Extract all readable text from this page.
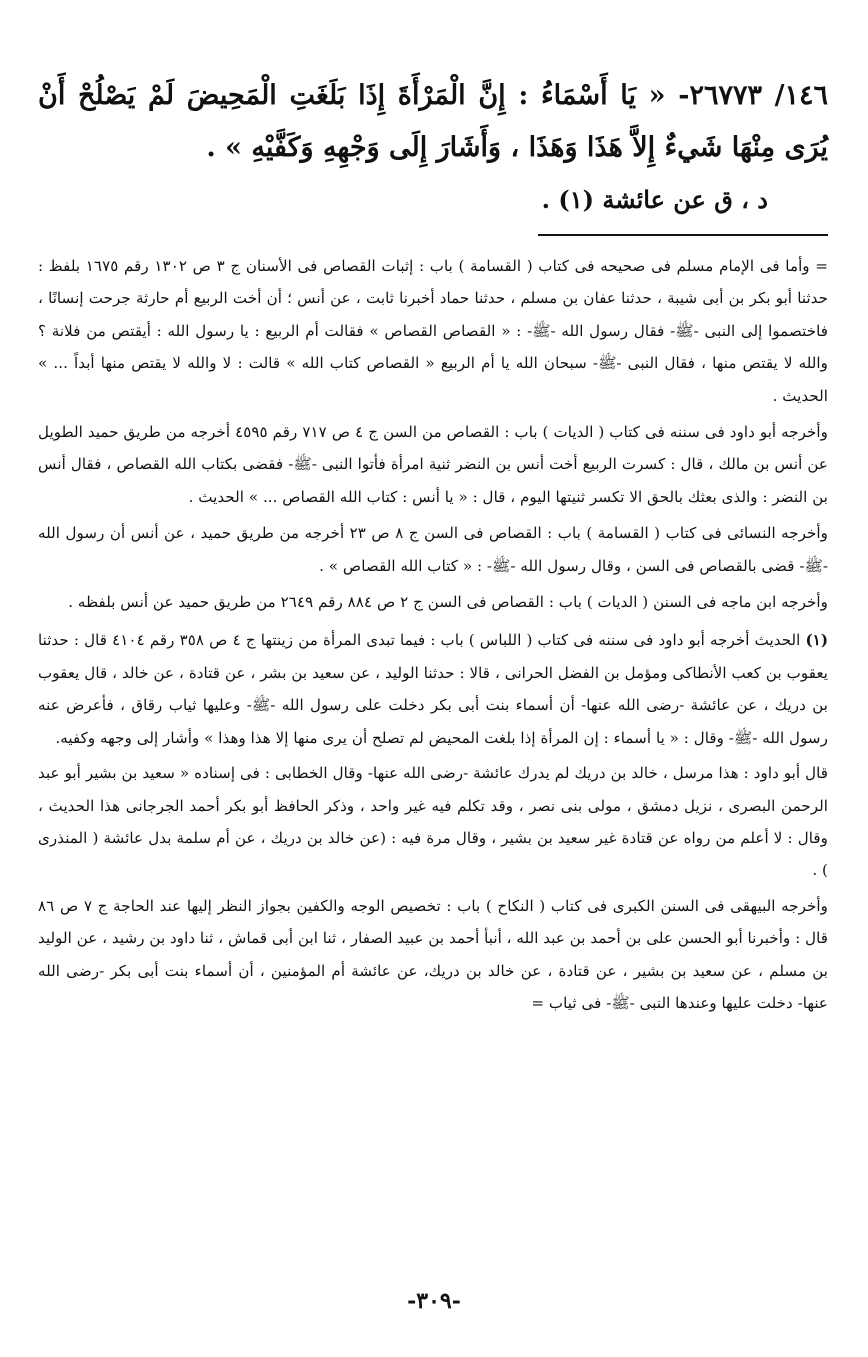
١٤٦/ ٢٦٧٧٣- « يَا أَسْمَاءُ : إِنَّ الْمَرْأَةَ إِذَا بَلَغَتِ الْمَحِيضَ لَمْ يَصْلُحْ أَنْ يُرَى مِنْهَا شَيءٌ إِلاَّ هَذَا وَهَذَا ، وَأَشَارَ إِلَى وَجْهِهِ وَكَفَّيْهِ » .

د ، ق عن عائشة (١) .

= وأما فى الإمام مسلم فى صحيحه فى كتاب ( القسامة ) باب : إثبات القصاص فى الأسنان ج ٣ ص ١٣٠٢ رقم ١٦٧٥ بلفظ : حدثنا أبو بكر بن أبى شيبة ، حدثنا عفان بن مسلم ، حدثنا حماد أخبرنا ثابت ، عن أنس ؛ أن أخت الربيع أم حارثة جرحت إنسانًا ، فاختصموا إلى النبى -ﷺ- فقال رسول الله -ﷺ- : « القصاص القصاص » فقالت أم الربيع : يا رسول الله : أيقتص من فلانة ؟ والله لا يقتص منها ، فقال النبى -ﷺ- سبحان الله يا أم الربيع « القصاص كتاب الله » قالت : لا والله لا يقتص منها أبداً ... » الحديث .

وأخرجه أبو داود فى سننه فى كتاب ( الديات ) باب : القصاص من السن ج ٤ ص ٧١٧ رقم ٤٥٩٥ أخرجه من طريق حميد الطويل عن أنس بن مالك ، قال : كسرت الربيع أخت أنس بن النضر ثنية امرأة فأتوا النبى -ﷺ- فقضى بكتاب الله القصاص ، فقال أنس بن النضر : والذى بعثك بالحق الا تكسر ثنيتها اليوم ، قال : « يا أنس : كتاب الله القصاص ... » الحديث .

وأخرجه النسائى فى كتاب ( القسامة ) باب : القصاص فى السن ج ٨ ص ٢٣ أخرجه من طريق حميد ، عن أنس أن رسول الله -ﷺ- قضى بالقصاص فى السن ، وقال رسول الله -ﷺ- : « كتاب الله القصاص » .

وأخرجه ابن ماجه فى السنن ( الديات ) باب : القصاص فى السن ج ٢ ص ٨٨٤ رقم ٢٦٤٩ من طريق حميد عن أنس بلفظه .

(١) الحديث أخرجه أبو داود فى سننه فى كتاب ( اللباس ) باب : فيما تبدى المرأة من زينتها ج ٤ ص ٣٥٨ رقم ٤١٠٤ قال : حدثنا يعقوب بن كعب الأنطاكى ومؤمل بن الفضل الحرانى ، قالا : حدثنا الوليد ، عن سعيد بن بشر ، عن قتادة ، عن خالد ، قال يعقوب بن دريك ، عن عائشة -رضى الله عنها- أن أسماء بنت أبى بكر دخلت على رسول الله -ﷺ- وعليها ثياب رقاق ، فأعرض عنه رسول الله -ﷺ- وقال : « يا أسماء : إن المرأة إذا بلغت المحيض لم تصلح أن يرى منها إلا هذا وهذا » وأشار إلى وجهه وكفيه.

قال أبو داود : هذا مرسل ، خالد بن دريك لم يدرك عائشة -رضى الله عنها- وقال الخطابى : فى إسناده « سعيد بن بشير أبو عبد الرحمن البصرى ، نزيل دمشق ، مولى بنى نصر ، وقد تكلم فيه غير واحد ، وذكر الحافظ أبو بكر أحمد الجرجانى هذا الحديث ، وقال : لا أعلم من رواه عن قتادة غير سعيد بن بشير ، وقال مرة فيه : (عن خالد بن دريك ، عن أم سلمة بدل عائشة ( المنذرى ) .

وأخرجه البيهقى فى السنن الكبرى فى كتاب ( النكاح ) باب : تخصيص الوجه والكفين بجواز النظر إليها عند الحاجة ج ٧ ص ٨٦ قال : وأخبرنا أبو الحسن على بن أحمد بن عبد الله ، أنبأ أحمد بن عبيد الصفار ، ثنا ابن أبى قماش ، ثنا داود بن رشيد ، عن الوليد بن مسلم ، عن سعيد بن بشير ، عن قتادة ، عن خالد بن دريك، عن عائشة أم المؤمنين ، أن أسماء بنت أبى بكر -رضى الله عنها- دخلت عليها وعندها النبى -ﷺ- فى ثياب =

-٣٠٩-
